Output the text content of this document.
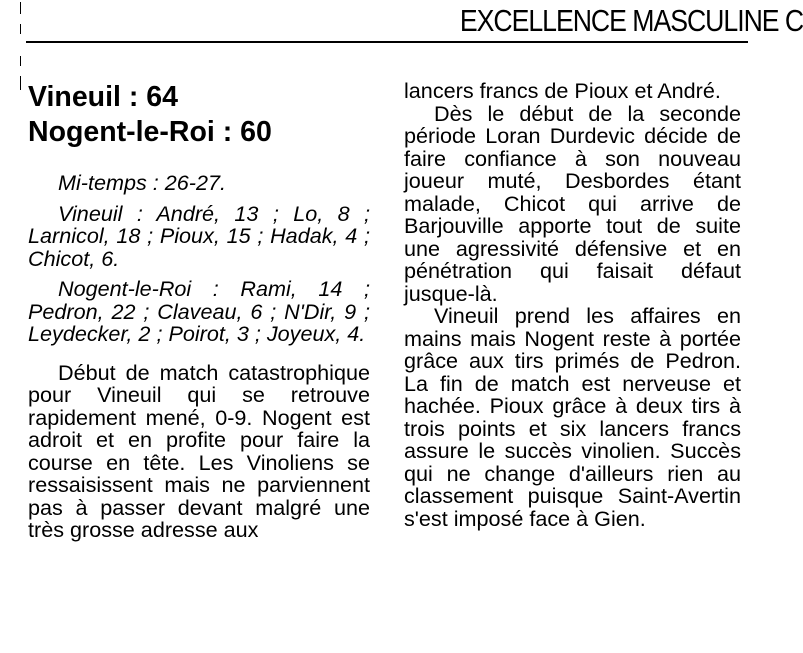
EXCELLENCE MASCULINE C

Vineuil : 64

Nogent-le-Roi : 60

Mi-temps : 26-27.

Vineuil : André, 13 ; Lo, 8 ; Larnicol, 18 ; Pioux, 15 ; Hadak, 4 ; Chicot, 6.

Nogent-le-Roi : Rami, 14 ; Pedron, 22 ; Claveau, 6 ; N'Dir, 9 ; Leydecker, 2 ; Poirot, 3 ; Joyeux, 4.

Début de match catastrophique pour Vineuil qui se retrouve rapidement mené, 0-9. Nogent est adroit et en profite pour faire la course en tête. Les Vinoliens se ressaisissent mais ne parviennent pas à passer devant malgré une très grosse adresse aux

lancers francs de Pioux et André.

Dès le début de la seconde période Loran Durdevic décide de faire confiance à son nouveau joueur muté, Desbordes étant malade, Chicot qui arrive de Barjouville apporte tout de suite une agressivité défensive et en pénétration qui faisait défaut jusque-là.

Vineuil prend les affaires en mains mais Nogent reste à portée grâce aux tirs primés de Pedron. La fin de match est nerveuse et hachée. Pioux grâce à deux tirs à trois points et six lancers francs assure le succès vinolien. Succès qui ne change d'ailleurs rien au classement puisque Saint-Avertin s'est imposé face à Gien.
